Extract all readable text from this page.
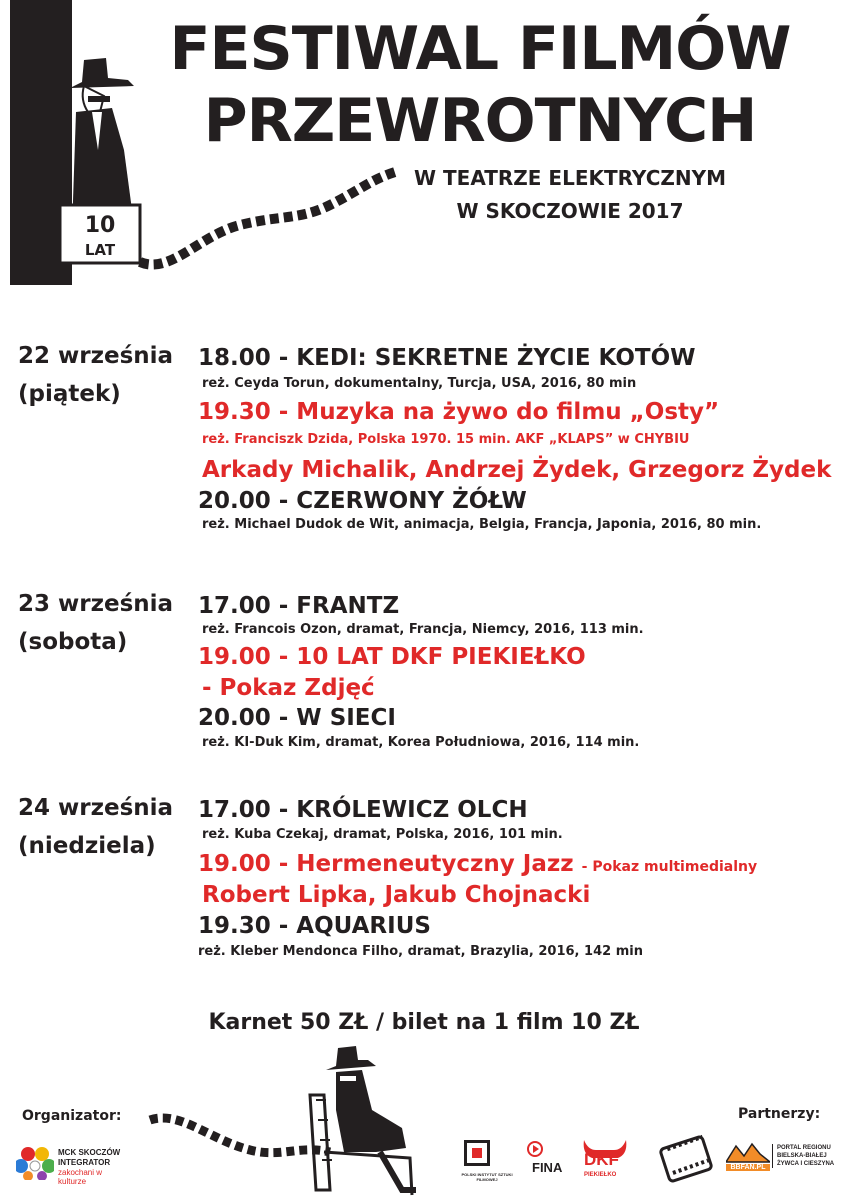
10
LAT
FESTIWAL FILMÓW
PRZEWROTNYCH
W TEATRZE ELEKTRYCZNYM
W SKOCZOWIE 2017
22 września
(piątek)
18.00 - KEDI: SEKRETNE ŻYCIE KOTÓW
reż. Ceyda Torun, dokumentalny, Turcja, USA, 2016, 80 min
19.30 - Muzyka na żywo do filmu „Osty”
reż. Franciszk Dzida, Polska 1970. 15 min. AKF „KLAPS” w CHYBIU
Arkady Michalik, Andrzej Żydek, Grzegorz Żydek
20.00 - CZERWONY ŻÓŁW
reż. Michael Dudok de Wit, animacja, Belgia, Francja, Japonia, 2016, 80 min.
23 września
(sobota)
17.00 - FRANTZ
reż. Francois Ozon, dramat, Francja, Niemcy, 2016, 113 min.
19.00 - 10 LAT DKF PIEKIEŁKO
- Pokaz Zdjęć
20.00 - W SIECI
reż. KI-Duk Kim, dramat, Korea Południowa, 2016, 114 min.
24 września
(niedziela)
17.00 - KRÓLEWICZ OLCH
reż. Kuba Czekaj, dramat, Polska, 2016, 101 min.
19.00 - Hermeneutyczny Jazz - Pokaz multimedialny
Robert Lipka, Jakub Chojnacki
19.30 - AQUARIUS
reż. Kleber Mendonca Filho, dramat, Brazylia, 2016, 142 min
Karnet 50 ZŁ / bilet na 1 film 10 ZŁ
Organizator:	Partnerzy:
MCK SKOCZÓW
INTEGRATOR
zakochani w kulturze
POLSKI INSTYTUT SZTUKI FILMOWEJ
FINA DKF
PIEKIEŁKO
BBFAN.PL
PORTAL REGIONU
BIELSKA-BIAŁEJ
ŻYWCA I CIESZYNA
